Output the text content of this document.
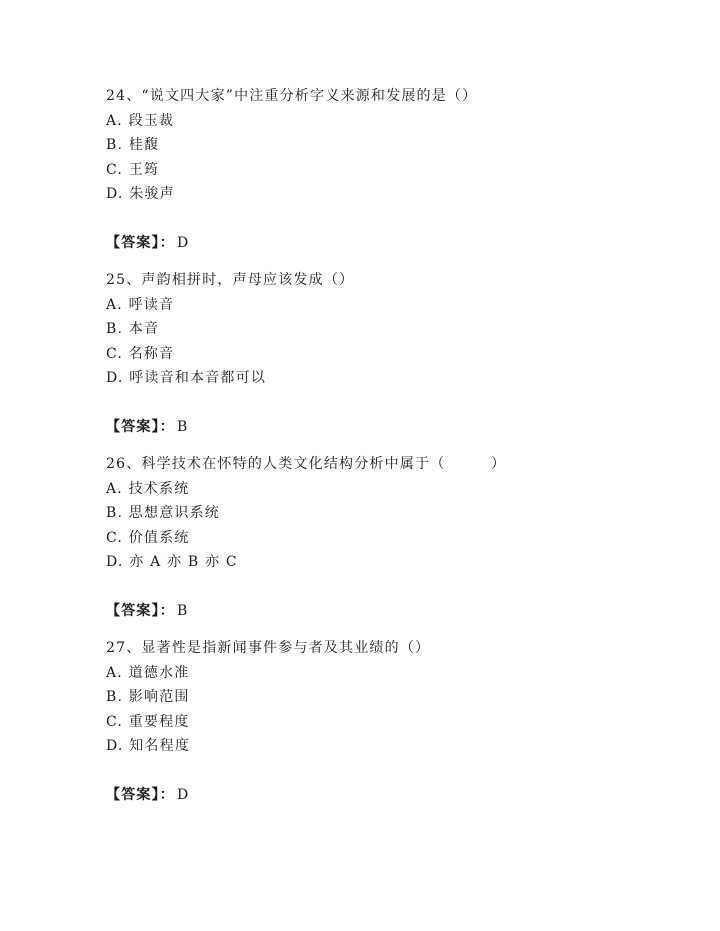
24、“说文四大家”中注重分析字义来源和发展的是（）
A. 段玉裁
B. 桂馥
C. 王筠
D. 朱骏声
【答案】： D
25、声韵相拼时，声母应该发成（）
A. 呼读音
B. 本音
C. 名称音
D. 呼读音和本音都可以
【答案】： B
26、科学技术在怀特的人类文化结构分析中属于（　　　）
A. 技术系统
B. 思想意识系统
C. 价值系统
D. 亦 A 亦 B 亦 C
【答案】： B
27、显著性是指新闻事件参与者及其业绩的（）
A. 道德水准
B. 影响范围
C. 重要程度
D. 知名程度
【答案】： D
